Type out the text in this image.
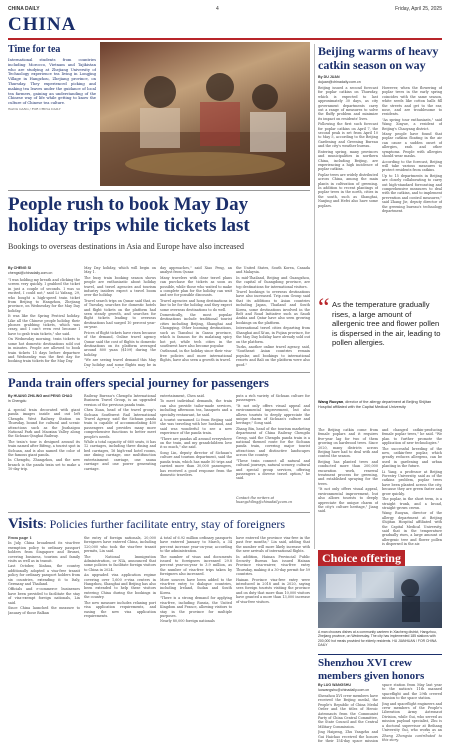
CHINA DAILY	4	Friday, April 25, 2025
CHINA
Time for tea

International students from countries including Morocco, Vietnam and Tajikistan who are studying at Zhejiang University of Technology experience tea living in Longjing Village in Hangzhou, Zhejiang province, on Thursday. They experienced picking and making tea leaves under the guidance of local tea farmers, gaining an understanding of the Chinese way of life while getting to know the culture of Chinese tea culture.

WANG GANG / FOR CHINA DAILY

Beijing warms of heavy catkin season on way
By DU JUAN
dujuan@chinadaily.com.cn

Beijing issued a second forecast for poplar catkins on Thursday, which is expected to last approximately 30 days, as city government departments carry out a range of measures to solve the fluffy problem and minimize its impact on residents' lives.

Following the first such forecast for poplar catkins on April 7, the second peak is set from April 10 to May 5, according to the Beijing Gardening and Greening Bureau and the city's weather bureau.

Entering spring, many provinces and municipalities in northern China, including Beijing, are experiencing a high incidence of poplar catkins.

Poplar trees are widely distributed across China, among the main plants in cultivation of greening. In addition to recent plantings of poplar trees in the north, cities in the south, such as Shanghai, Nanjing and Hefei also have some poplars.

However, when the flowering of poplar trees in the early spring coincides with the same season, white seeds like cotton balls fill the streets and get to the ear, nose, and are troublesome to residents.

"As spring tour enthusiasts," said Wang Xinyue, a resident of Beijing's Chaoyang district.

Many people have found that poplar catkins floating in the air can cause a sudden onset of allergies, rash and other symptoms. People with allergies should wear masks.

According to the forecast, Beijing will take various measures to protect residents from catkins.

Up to 15 departments in Beijing are closely collaborating to carry out high-standard forecasting and comprehensive measures to deal with the catkins, and to implement prevention and control measures," said Zhang Jie, deputy director of the greening bureau's technology department.

People rush to book May Day holiday trips while tickets last
Bookings to overseas destinations in Asia and Europe have also increased
By CHENG SI
chengsi@chinadaily.com.cn

"I was holding my breath and clicking the screen very quickly. I grabbed the ticket in just a couple of seconds. I was so excited, I could not," said Li Yafang, 29, who bought a high-speed train ticket from Beijing to Hangzhou, Zhejiang province, on Wednesday for the May Day holiday.

It was like the Spring Festival holiday. Like all the Chinese people holiday, their phones grabbing tickets, which was crazy, and I can't even rest because I have to grab train tickets," she said.

On Wednesday morning, train tickets to some hot domestic destinations sold out in minutes. People are allowed to book train tickets 15 days before departure and Wednesday was the first day for booking train tickets for the May Day

May Day holiday, which will begin on May 1.

The busy train booking season shows people are enthusiastic about holiday travel, and travel agencies and tourism industry insiders expect a travel boom over the holiday.

Travel search trips on Qunar said that, as of Tuesday, searches for domestic hotels and flight tickets on the platform had seen steady growth, and searches for flight tickets leading to overseas destinations had surged 10 percent year-on-year.

Prices of flight tickets have risen because of the demand, Online travel agency Qunar said the cost of flights to domestic destinations on its platform averaged around 800 yuan ($109) during the holiday.

"We are seeing travel demand this May Day holiday and some flights may be in

day approaches," said Xiao Peng, an analyst from Qunar.

Many travelers with clear travel plans can purchase the tickets as soon as possible, while those who waited to make a complete plan for the holiday can wait and see for possible discounts.

Travel agencies and hong destinations in line to be for the holiday, and they expect some overseas destinations to do well.

Domestically, the most popular destinations include traditional tourist cities including Beijing, Shanghai and Chongqing. Other booming destinations, such as Tianshui in Gansu province, which is famous for its malatang spicy hot pot, while tech cities in the southwest have also become popular.

Outbound, in the holiday since their visa-free policies and more international flights, have also seen a growth in travel.

the United States, South Korea, Canada and Malaysia.

In mid-Thailand, Beijing and Guangzhou, the capital of Guangdong province, are top destinations for international visitors.

Travel bookings to overseas destinations have also increased. Trip.com Group said that its additions to Asian countries including Japan, Thailand and South Korea, some destinations involved in the Belt and Road Initiative such as Saudi Arabia and Qatar have also seen growing bookings on the platform.

International travel cities departing from Shanghai and Xi'an, in Fujian province, for the May Day holiday have already sold out on the platform.

Turks, another online travel agency, said, "Southeast Asian countries remain popular, and bookings to international resorts and Bali on the platform were also good."

“ As the temperature gradually rises, a large amount of allergenic tree and flower pollen is dispersed in the air, leading to pollen allergies.
Wang Ruoyan, director of the allergy department at Beijing Shijitan Hospital affiliated with the Capital Medical University

and changed catkin-producing female poplar trees," he said. "We plan to further promote the application of new technologies."

The successful breeding of the new, catkin-free poplar, which greatly reduces allergens, can be used in gardening and urban planting in the future.

Li Yang, a professor at Beijing Forestry University, said as of the catkins problem, poplar trees have been planted across the city, because they are green faster and grow quickly.

The poplar, in the short term, is a straight trunk, and a broad, straight-grown crown.

Wang Ruoyan, director of the allergy department at Beijing Shijitan Hospital affiliated with the Capital Medical University, said that in the temperature gradually rises, a large amount of allergenic tree and flower pollen is dispersed in the air.

The Beijing catkin come from female poplars and it requires five-year lag for two of them growing on hardwood trees. Since 2020, many districts across Beijing have had to deal with and control the season.

Beijing has planted trees and conducted more than 200,000 excavation work, renewal treatment process for greening, and established spraying for the trees.

"It not only offers visual appeal, environmental improvement, but also allows tourists to deeply appreciate the unique charm of the city's culture heritage," Jiang said.

Panda train offers special journey for passengers
By HUANG ZHILING and PENG CHAO
in Chengdu

A special train decorated with giant panda images inside and out left Chengdu West Railway Station on Thursday, bound for cultural and scenic attractions such as the Jiuzhaigou National Park and Maoxian Valley along the Sichuan-Qinghai Railway.

The train's tour is designed around its train named after Bifeng, a tourist spot in Sichuan, and is also named the color of the famous giant panda.

In Chengdu, Zhangzhou, and the new branch is the panda train set to make a 10-day trip.

Railway Bureau's Chengdu International Business Travel Group, is an upgraded version of the previous panda train.

Chen Xuan, head of the travel group's Sichuan Southwest Rail International Travel Agency, said the Sichuan panda train is capable of accommodating 400 passengers and provides many more comprehensive functions to better meet people's needs.

While a total capacity of 660 seats, it has 12 carriages, including three dining and bed carriages, 16 high-end hotel rooms, one dining carriage, one multifunction entertainment carriage, one sauna carriage and one power generating carriage.

entertainment, Chen said.

To meet individual demands, the train can also provide tailor-made services, including afternoon tea, banquets and a specialty restaurant, he said.

A tourist surnamed Li from Beijing said she was traveling with her husband, and said was wonderful to see a new experience of the panda train.

"There are pandas all around everywhere on the train, and my grandchildren love it so much," she said.

Song Lin, deputy director of Sichuan's culture and tourism department, said the panda train, which has made 50 trips and carried more than 30,000 passengers, has received a good response from the domestic travelers.

puts a rich variety of Sichuan culture for passengers.

"It not only offers visual appeal and environmental improvement, but also allows tourists to deeply appreciate the unique charm of Sichuan's culture and heritage," Song said.

Zhang Bin, head of the tourism marketing department of China Railway Chengdu Group, said the Chengdu panda train is a national themed route for the Sichuan panda train, covering major tourist attractions and distinctive landscapes across the country.

"These train connect all natural and cultural journeys, natural scenery, cultural and special group services, offering passengers a diverse travel option," he said.

Contact the writers at
huangzhiling@chinadaily.com.cn
Choice offering
A man chooses dishes at a community canteen in Xiacheng district, Hangzhou, Zhejiang province, on Wednesday. The city has implemented 185 stations with 200,000 hot meals provided for elderly residents. HU JIANHUAN / FOR CHINA DAILY
Visits: Policies further facilitate entry, stay of foreigners

From page 1

In July, China broadened its visa-free exemption policy to ordinary passport holders from Singapore and Brunei, covering business, tourism and family visits as well as in transit.

Last October, Xinhua, the country additionally adopted a visa-free transit policy for ordinary passport holders from six countries, extending it to Italy, Germany and Thailand.

Officials and e-commerce businesses have been provided to facilitate the stay of visa-exempt foreign nationals, Lin said.

Since China launched the measure to January of those Balkan

the entry of foreign nationals, 20,000 foreigners have entered China, including 120,000 who took the visa-free transit permits, Lin said.

The National Immigration Administration, or NIA, announced that some policies to facilitate foreign visitors to China in 2024.

An upgraded visa application regime covering over 1,600 e-visa centers in Hangzhou, Shanghai and Beijing has also been extended to help these visitors entering China during the bookings in the country.

The new measure includes relaxing port visa application requirements, and easing the new visa application requirements.

A total of 6.92 million ordinary passports have entered January to March, a 34 percent increase year-on-year, according to the administration.

The number of visas and documents issued to foreigners increased 29.8 percent year-on-year to 3.9 million, as the number of visa-free trips taken by foreigners also increased.

More sources have been added to the visa-free entry to dialogue countries, including Ireland, Sudan and South Korea.

"There is a strong demand for applying visa-free, including Russia, the United Kingdom and France, allowing visitors to stay in the province for multiple purposes.

Nearly 80,000 foreign nationals

have entered the province visa-free in the past few months," Lin said, adding that the number will more likely increase with the new arrivals of international flights.

In addition, Hainan Provincial Public Security Bureau has issued Hainan Province visa-waiver, visa-free entry Thursday, making it a 30-day permit for 59 countries.

Hainan Province visa-free entry were introduced in 2018 and in 2020, saying sees foreign tourists visiting the province and on duty that more than 10,000 visitors have granted a more than 13,000 increase of visa-free visitors.

Shenzhou XVI crew members given honors
By LUO WANGSHU
luowangshu@chinadaily.com.cn

Shenzhou XVI crew members have received the Beijing medal, the People's Republic of China Medal Order and the titles of Heroic Astronauts from the Communist Party of China Central Committee, the State Council and the Central Military Commission.

Jing Haipeng, Zhu Yangzhu and Gui Haichao received the honors for their 154-day space mission

space station from May last year to the nation's 11th manned spaceflight and the 29th crewed mission to the space station.

Jing and spaceflight engineers and crew members of the People's Liberation Army Astronaut Division, while Gui, who served as mission payload specialist, Zhu is a doctoral supervisor at Beihang University Gui, who works as an

Zhang Zhongxia contributed to this story.
